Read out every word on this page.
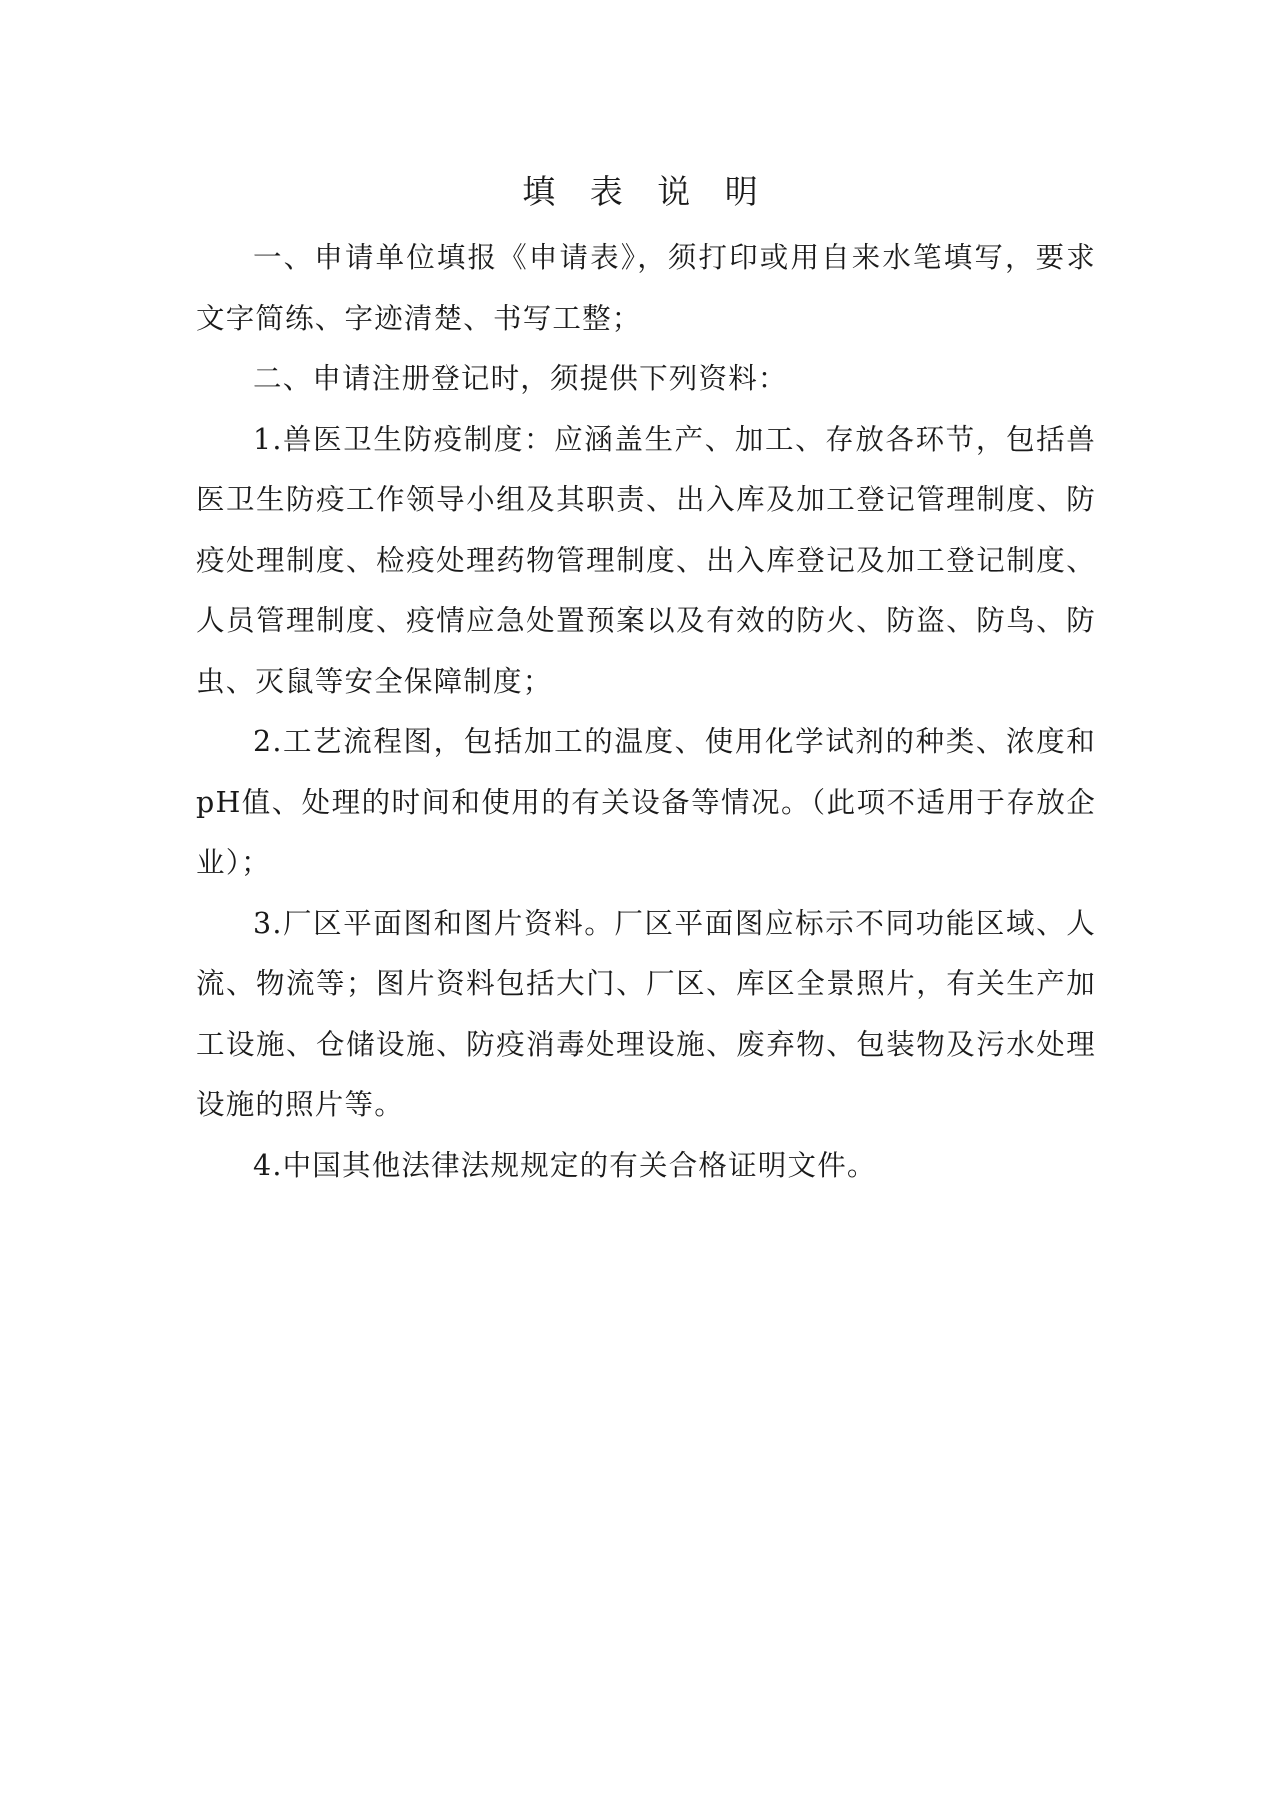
填 表 说 明

一、申请单位填报《申请表》，须打印或用自来水笔填写，要求文字简练、字迹清楚、书写工整；

二、申请注册登记时，须提供下列资料：

1.兽医卫生防疫制度：应涵盖生产、加工、存放各环节，包括兽医卫生防疫工作领导小组及其职责、出入库及加工登记管理制度、防疫处理制度、检疫处理药物管理制度、出入库登记及加工登记制度、人员管理制度、疫情应急处置预案以及有效的防火、防盗、防鸟、防虫、灭鼠等安全保障制度；

2.工艺流程图，包括加工的温度、使用化学试剂的种类、浓度和pH值、处理的时间和使用的有关设备等情况。（此项不适用于存放企业）；

3.厂区平面图和图片资料。厂区平面图应标示不同功能区域、人流、物流等；图片资料包括大门、厂区、库区全景照片，有关生产加工设施、仓储设施、防疫消毒处理设施、废弃物、包装物及污水处理设施的照片等。

4.中国其他法律法规规定的有关合格证明文件。
